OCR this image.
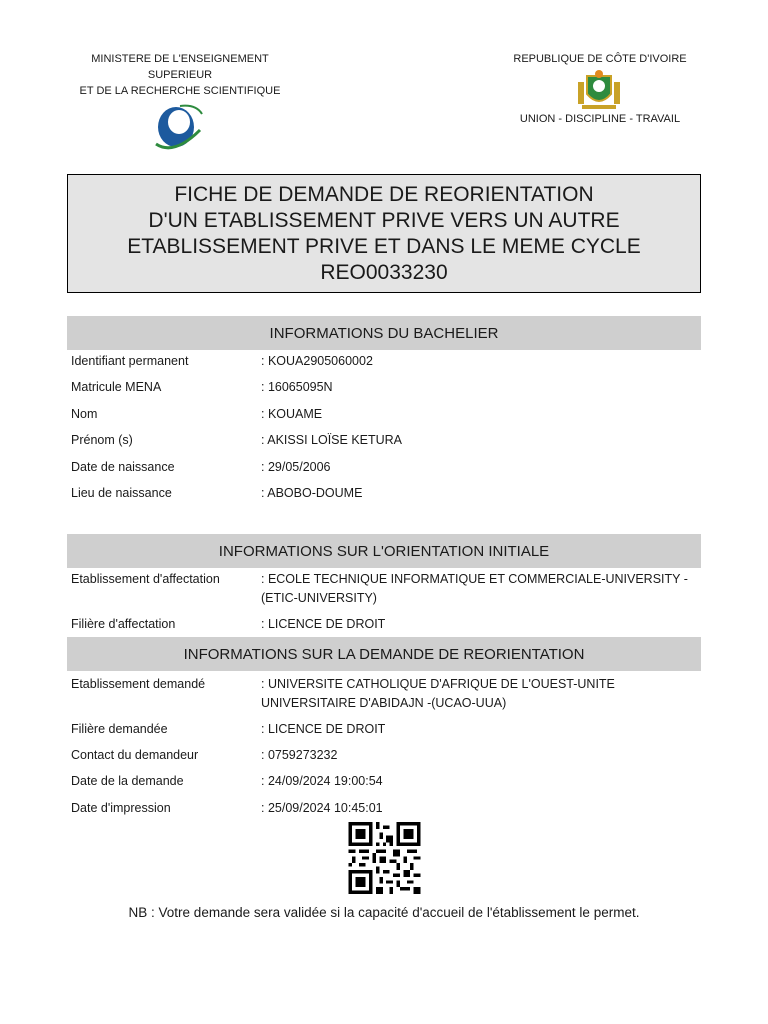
MINISTERE DE L'ENSEIGNEMENT
SUPERIEUR
ET DE LA RECHERCHE SCIENTIFIQUE
REPUBLIQUE DE CÔTE D'IVOIRE
UNION - DISCIPLINE - TRAVAIL
FICHE DE DEMANDE DE REORIENTATION
D'UN ETABLISSEMENT PRIVE VERS UN AUTRE
ETABLISSEMENT PRIVE ET DANS LE MEME CYCLE
REO0033230
INFORMATIONS DU BACHELIER
Identifiant permanent	: KOUA2905060002
Matricule MENA	: 16065095N
Nom	: KOUAME
Prénom (s)	: AKISSI LOÏSE KETURA
Date de naissance	: 29/05/2006
Lieu de naissance	: ABOBO-DOUME
INFORMATIONS SUR L'ORIENTATION INITIALE
Etablissement d'affectation	: ECOLE TECHNIQUE INFORMATIQUE ET COMMERCIALE-UNIVERSITY -(ETIC-UNIVERSITY)
Filière d'affectation	: LICENCE DE DROIT
INFORMATIONS SUR LA DEMANDE DE REORIENTATION
Etablissement demandé	: UNIVERSITE CATHOLIQUE D'AFRIQUE DE L'OUEST-UNITE UNIVERSITAIRE D'ABIDAJN -(UCAO-UUA)
Filière demandée	: LICENCE DE DROIT
Contact du demandeur	: 0759273232
Date de la demande	: 24/09/2024 19:00:54
Date d'impression	: 25/09/2024 10:45:01
NB : Votre demande sera validée si la capacité d'accueil de l'établissement le permet.
